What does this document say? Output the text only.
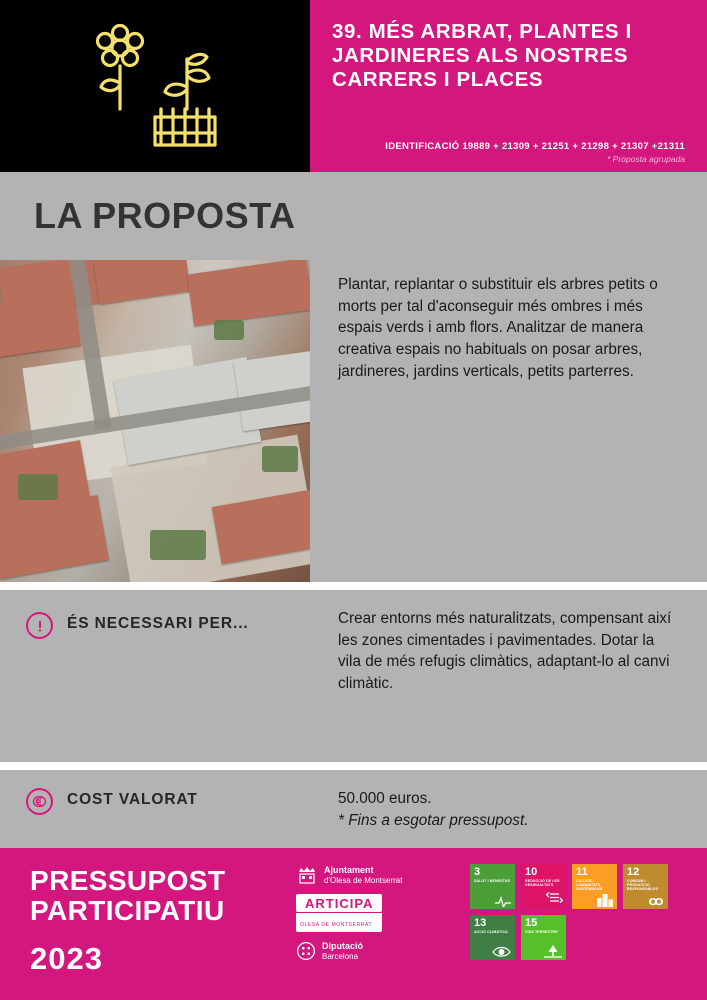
39. MÉS ARBRAT, PLANTES I JARDINERES ALS NOSTRES CARRERS I PLACES
IDENTIFICACIÓ 19889 + 21309 + 21251 + 21298 + 21307 +21311
* Proposta agrupada
LA PROPOSTA

Plantar, replantar o substituir els arbres petits o morts per tal d'aconseguir més ombres i més espais verds i amb flors. Analitzar de manera creativa espais no habituals on posar arbres, jardineres, jardins verticals, petits parterres.

ÉS NECESSARI PER...	Crear entorns més naturalitzats, compensant així les zones cimentades i pavimentades. Dotar la vila de més refugis climàtics, adaptant-lo al canvi climàtic.

COST VALORAT	50.000 euros.

* Fins a esgotar pressupost.

PRESSUPOST
PARTICIPATIU
2023
Ajuntament
d'Olesa de Montserrat
ARTICIPA
OLESA DE MONTSERRAT
Diputació
Barcelona
3
SALUT I BENESTAR
10
REDUCCIÓ DE LES DESIGUALTATS
11
CIUTATS I COMUNITATS SOSTENIBLES
12
CONSUM I PRODUCCIÓ RESPONSABLES
13
ACCIÓ CLIMÀTICA
15
VIDA TERRESTRE
